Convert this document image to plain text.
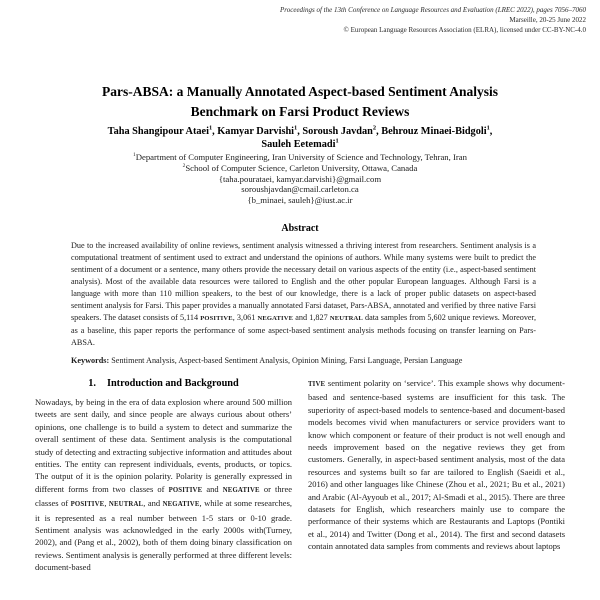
Proceedings of the 13th Conference on Language Resources and Evaluation (LREC 2022), pages 7056–7060
Marseille, 20-25 June 2022
© European Language Resources Association (ELRA), licensed under CC-BY-NC-4.0
Pars-ABSA: a Manually Annotated Aspect-based Sentiment Analysis
Benchmark on Farsi Product Reviews
Taha Shangipour Ataei$^1$, Kamyar Darvishi$^1$, Soroush Javdan$^2$, Behrouz Minaei-Bidgoli$^1$,
Sauleh Eetemadi$^1$
$^1$Department of Computer Engineering, Iran University of Science and Technology, Tehran, Iran
$^2$School of Computer Science, Carleton University, Ottawa, Canada
{taha.pourataei, kamyar.darvishi}@gmail.com
soroushjavdan@cmail.carleton.ca
{b_minaei, sauleh}@iust.ac.ir
Abstract
Due to the increased availability of online reviews, sentiment analysis witnessed a thriving interest from researchers. Sentiment analysis is a computational treatment of sentiment used to extract and understand the opinions of authors. While many systems were built to predict the sentiment of a document or a sentence, many others provide the necessary detail on various aspects of the entity (i.e., aspect-based sentiment analysis). Most of the available data resources were tailored to English and the other popular European languages. Although Farsi is a language with more than 110 million speakers, to the best of our knowledge, there is a lack of proper public datasets on aspect-based sentiment analysis for Farsi. This paper provides a manually annotated Farsi dataset, Pars-ABSA, annotated and verified by three native Farsi speakers. The dataset consists of 5,114 POSITIVE, 3,061 NEGATIVE and 1,827 NEUTRAL data samples from 5,602 unique reviews. Moreover, as a baseline, this paper reports the performance of some aspect-based sentiment analysis methods focusing on transfer learning on Pars-ABSA.
Keywords: Sentiment Analysis, Aspect-based Sentiment Analysis, Opinion Mining, Farsi Language, Persian Language
1. Introduction and Background
Nowadays, by being in the era of data explosion where around 500 million tweets are sent daily, and since people are always curious about others’ opinions, one challenge is to build a system to detect and summarize the overall sentiment of these data. Sentiment analysis is the computational study of detecting and extracting subjective information and attitudes about entities. The entity can represent individuals, events, products, or topics. The output of it is the opinion polarity. Polarity is generally expressed in different forms from two classes of POSITIVE and NEGATIVE or three classes of POSITIVE, NEUTRAL, and NEGATIVE, while at some researches, it is represented as a real number between 1-5 stars or 0-10 grade. Sentiment analysis was acknowledged in the early 2000s with(Turney, 2002), and (Pang et al., 2002), both of them doing binary classification on reviews. Sentiment analysis is generally performed at three different levels: document-based
TIVE sentiment polarity on ‘service’. This example shows why document-based and sentence-based systems are insufficient for this task. The superiority of aspect-based models to sentence-based and document-based models becomes vivid when manufacturers or service providers want to know which component or feature of their product is not well enough and needs improvement based on the negative reviews they get from customers. Generally, in aspect-based sentiment analysis, most of the data resources and systems built so far are tailored to English (Saeidi et al., 2016) and other languages like Chinese (Zhou et al., 2021; Bu et al., 2021) and Arabic (Al-Ayyoub et al., 2017; Al-Smadi et al., 2015). There are three datasets for English, which researchers mainly use to compare the performance of their systems which are Restaurants and Laptops (Pontiki et al., 2014) and Twitter (Dong et al., 2014). The first and second datasets contain annotated data samples from comments and reviews about laptops
